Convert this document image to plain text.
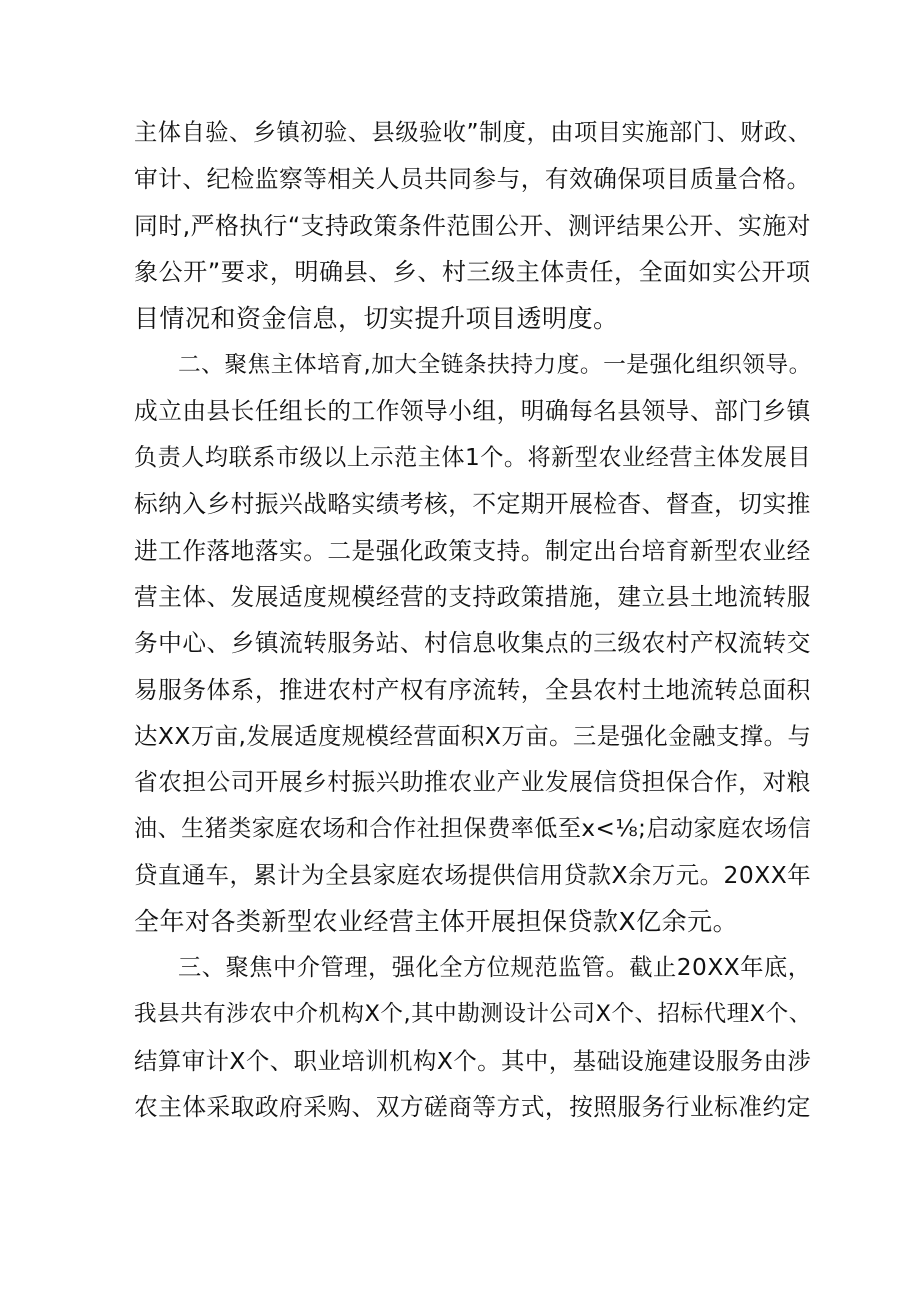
主体自验、乡镇初验、县级验收”制度，由项目实施部门、财政、
审计、纪检监察等相关人员共同参与，有效确保项目质量合格。
同时,严格执行“支持政策条件范围公开、测评结果公开、实施对
象公开”要求，明确县、乡、村三级主体责任，全面如实公开项
目情况和资金信息，切实提升项目透明度。
二、聚焦主体培育,加大全链条扶持力度。一是强化组织领导。
成立由县长任组长的工作领导小组，明确每名县领导、部门乡镇
负责人均联系市级以上示范主体1个。将新型农业经营主体发展目
标纳入乡村振兴战略实绩考核，不定期开展检杳、督查，切实推
进工作落地落实。二是强化政策支持。制定出台培育新型农业经
营主体、发展适度规模经营的支持政策措施，建立县土地流转服
务中心、乡镇流转服务站、村信息收集点的三级农村产权流转交
易服务体系，推进农村产权有序流转，全县农村土地流转总面积
达XX万亩,发展适度规模经营面积X万亩。三是强化金融支撑。与
省农担公司开展乡村振兴助推农业产业发展信贷担保合作，对粮
油、生猪类家庭农场和合作社担保费率低至x<⅛;启动家庭农场信
贷直通车，累计为全县家庭农场提供信用贷款X余万元。20XX年
全年对各类新型农业经营主体开展担保贷款X亿余元。
三、聚焦中介管理，强化全方位规范监管。截止20XX年底，
我县共有涉农中介机构X个,其中勘测设计公司X个、招标代理X个、
结算审计X个、职业培训机构X个。其中，基础设施建设服务由涉
农主体采取政府采购、双方磋商等方式，按照服务行业标准约定
